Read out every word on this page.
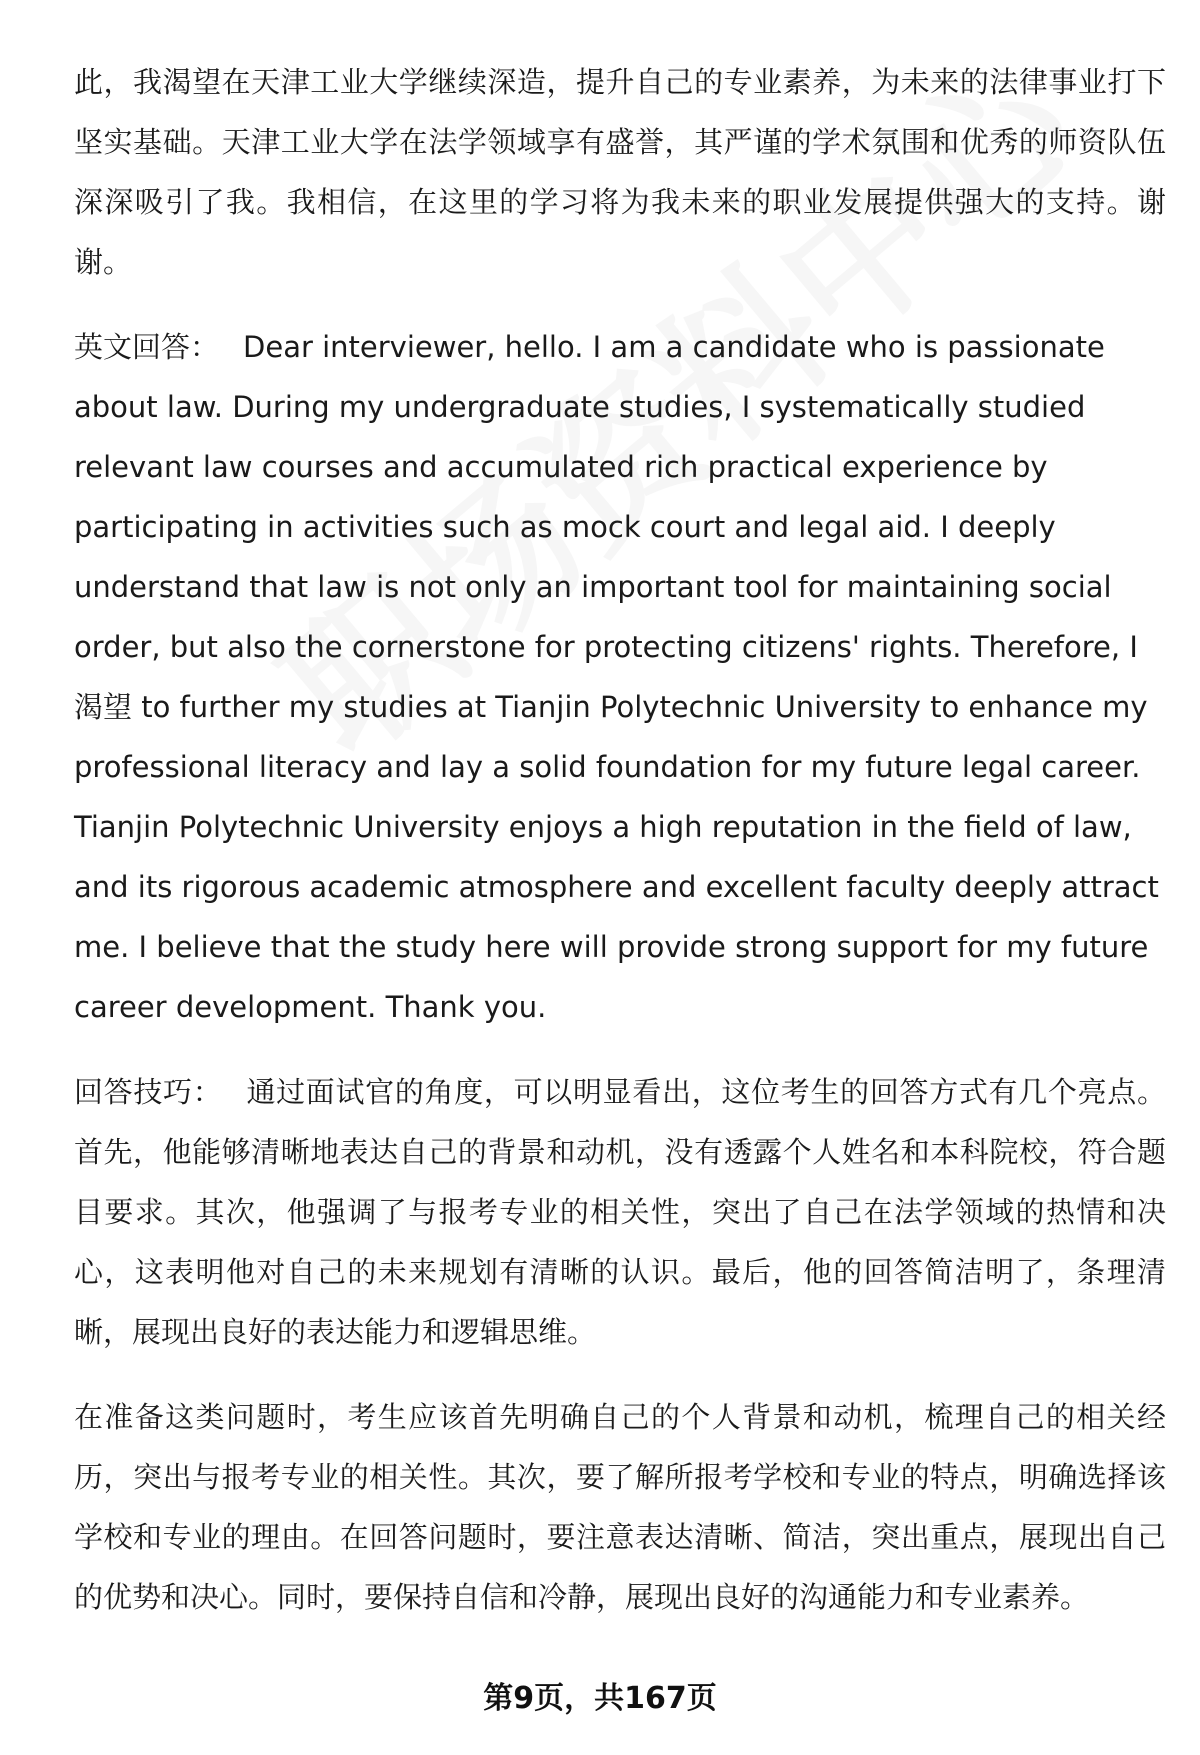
此，我渴望在天津工业大学继续深造，提升自己的专业素养，为未来的法律事业打下坚实基础。天津工业大学在法学领域享有盛誉，其严谨的学术氛围和优秀的师资队伍深深吸引了我。我相信，在这里的学习将为我未来的职业发展提供强大的支持。谢谢。

英文回答： Dear interviewer, hello. I am a candidate who is passionate about law. During my undergraduate studies, I systematically studied relevant law courses and accumulated rich practical experience by participating in activities such as mock court and legal aid. I deeply understand that law is not only an important tool for maintaining social order, but also the cornerstone for protecting citizens' rights. Therefore, I渴望 to further my studies at Tianjin Polytechnic University to enhance my professional literacy and lay a solid foundation for my future legal career. Tianjin Polytechnic University enjoys a high reputation in the field of law, and its rigorous academic atmosphere and excellent faculty deeply attract me. I believe that the study here will provide strong support for my future career development. Thank you.

回答技巧： 通过面试官的角度，可以明显看出，这位考生的回答方式有几个亮点。首先，他能够清晰地表达自己的背景和动机，没有透露个人姓名和本科院校，符合题目要求。其次，他强调了与报考专业的相关性，突出了自己在法学领域的热情和决心，这表明他对自己的未来规划有清晰的认识。最后，他的回答简洁明了，条理清晰，展现出良好的表达能力和逻辑思维。

在准备这类问题时，考生应该首先明确自己的个人背景和动机，梳理自己的相关经历，突出与报考专业的相关性。其次，要了解所报考学校和专业的特点，明确选择该学校和专业的理由。在回答问题时，要注意表达清晰、简洁，突出重点，展现出自己的优势和决心。同时，要保持自信和冷静，展现出良好的沟通能力和专业素养。

第9页，共167页
